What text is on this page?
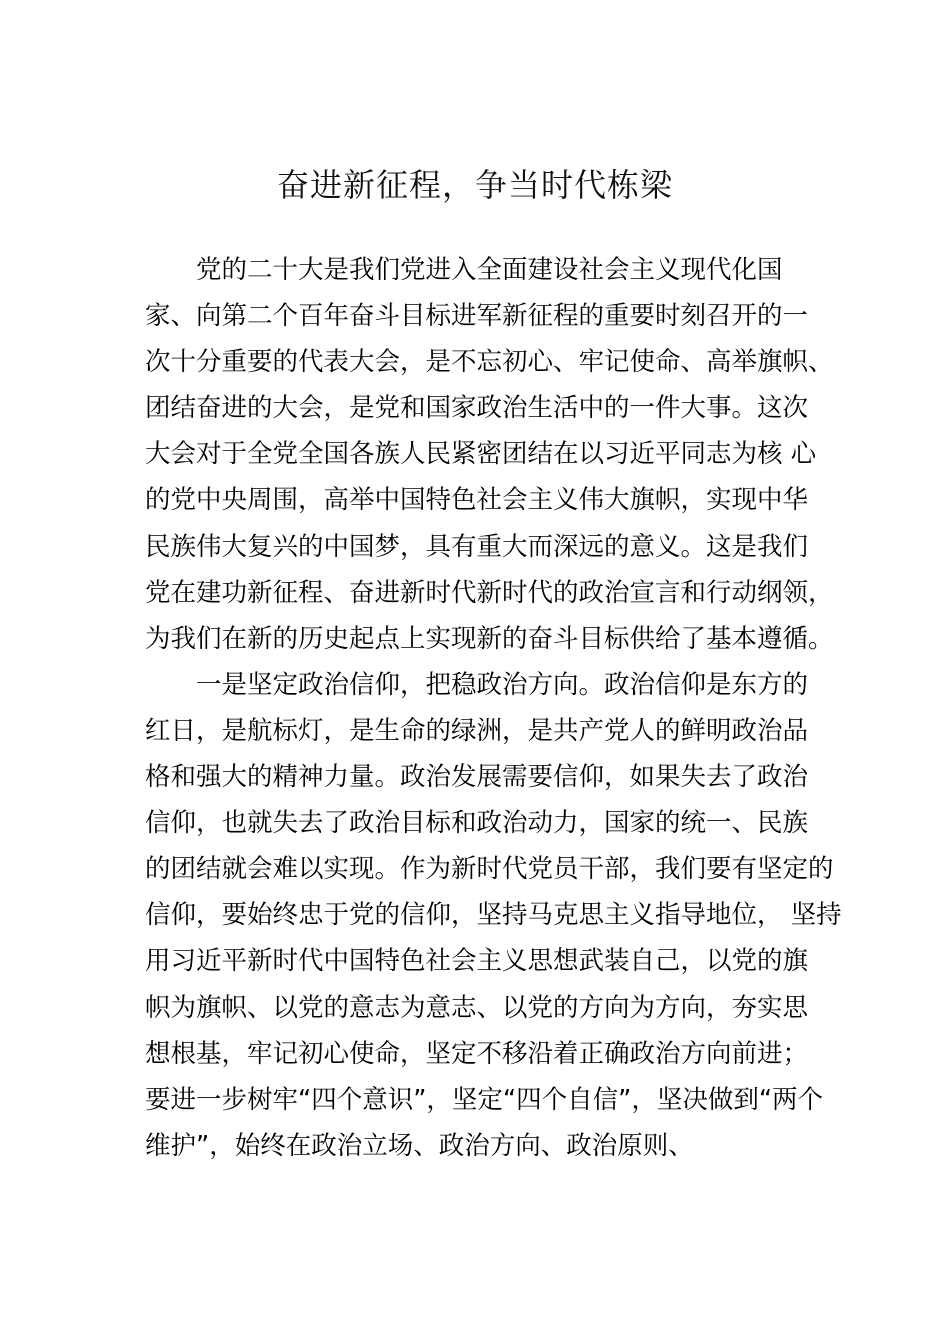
奋进新征程，争当时代栋梁
　　党的二十大是我们党进入全面建设社会主义现代化国
家、向第二个百年奋斗目标进军新征程的重要时刻召开的一
次十分重要的代表大会，是不忘初心、牢记使命、高举旗帜、
团结奋进的大会，是党和国家政治生活中的一件大事。这次
大会对于全党全国各族人民紧密团结在以习近平同志为核 心
的党中央周围，高举中国特色社会主义伟大旗帜，实现中华
民族伟大复兴的中国梦，具有重大而深远的意义。这是我们
党在建功新征程、奋进新时代新时代的政治宣言和行动纲领，
为我们在新的历史起点上实现新的奋斗目标供给了基本遵循。
　　一是坚定政治信仰，把稳政治方向。政治信仰是东方的
红日，是航标灯，是生命的绿洲，是共产党人的鲜明政治品
格和强大的精神力量。政治发展需要信仰，如果失去了政治
信仰，也就失去了政治目标和政治动力，国家的统一、民族
的团结就会难以实现。作为新时代党员干部，我们要有坚定的
信仰，要始终忠于党的信仰，坚持马克思主义指导地位， 坚持
用习近平新时代中国特色社会主义思想武装自己，以党的旗
帜为旗帜、以党的意志为意志、以党的方向为方向，夯实思
想根基，牢记初心使命，坚定不移沿着正确政治方向前进；
要进一步树牢“四个意识”，坚定“四个自信”，坚决做到“两个
维护”，始终在政治立场、政治方向、政治原则、
